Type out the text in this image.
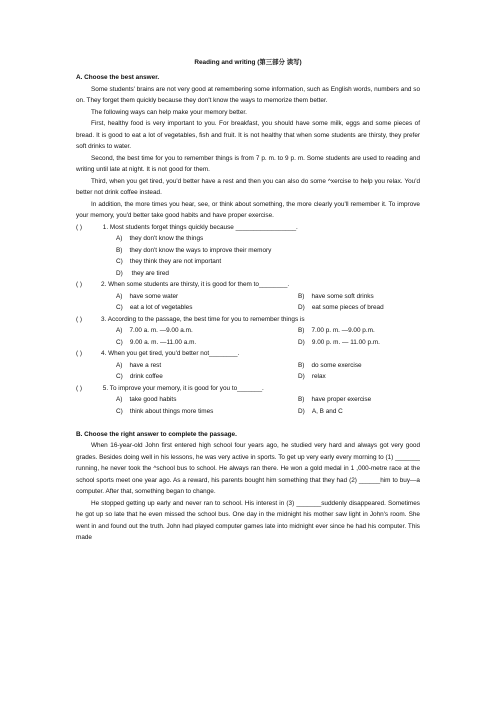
Reading and writing (第三部分 读写)

A. Choose the best answer.

Some students' brains are not very good at remembering some information, such as English words, numbers and so on. They forget them quickly because they don't know the ways to memorize them better.

The following ways can help make your memory better.

First, healthy food is very important to you. For breakfast, you should have some milk, eggs and some pieces of bread. It is good to eat a lot of vegetables, fish and fruit. It is not healthy that when some students are thirsty, they prefer soft drinks to water.

Second, the best time for you to remember things is from 7 p. m. to 9 p. m. Some students are used to reading and writing until late at night. It is not good for them.

Third, when you get tired, you'd better have a rest and then you can also do some ^xercise to help you relax. You'd better not drink coffee instead.

In addition, the more times you hear, see, or think about something, the more clearly you'll remember it. To improve your memory, you'd better take good habits and have proper exercise.

( )	1. Most students forget things quickly because _________________.

A) they don't know the things
B) they don't know the ways to improve their memory
C) they think they are not important
D)     they are tired

( )	2. When some students are thirsty, it is good for them to________.

A) have some water	B) have some soft drinks
C) eat a lot of vegetables	D) eat some pieces of bread

( )	3. According to the passage, the best time for you to remember things is

A) 7.00 a. m. —9.00 a.m.	B) 7.00 p. m. —9.00 p.m.
C) 9.00 a. m. —11.00 a.m.	D) 9.00 p. m. — 11.00 p.m.

( )	4. When you get tired, you'd better not________.

A) have a rest	B) do some exercise
C) drink coffee	D) relax

( )	5. To improve your memory, it is good for you to_______.

A) take good habits	B) have proper exercise
C) think about things more times	D) A, B and C

B. Choose the right answer to complete the passage.

When 16-year-old John first entered high school four years ago, he studied very hard and always got very good grades. Besides doing well in his lessons, he was very active in sports. To get up very early every morning to (1) _______ running, he never took the ^school bus to school. He always ran there. He won a gold medal in 1 ,000-metre race at the school sports meet one year ago. As a reward, his parents bought him something that they had (2) ______him to buy—a computer. After that, something began to change.

He stopped getting up early and never ran to school. His interest in (3) _______suddenly disappeared. Sometimes he got up so late that he even missed the school bus. One day in the midnight his mother saw light in John's room. She went in and found out the truth. John had played computer games late into midnight ever since he had his computer. This made
